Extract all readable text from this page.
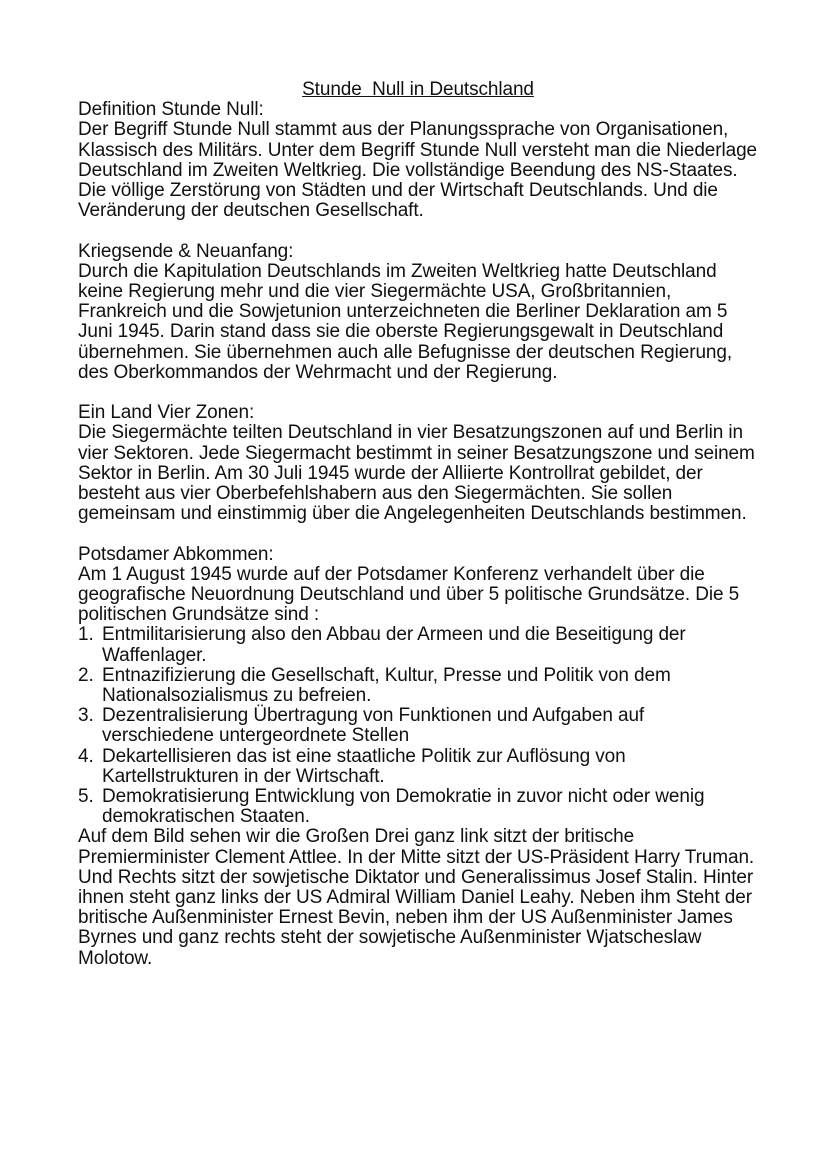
Stunde  Null in Deutschland

Definition Stunde Null:

Der Begriff Stunde Null stammt aus der Planungssprache von Organisationen, Klassisch des Militärs. Unter dem Begriff Stunde Null versteht man die Niederlage Deutschland im Zweiten Weltkrieg. Die vollständige Beendung des NS-Staates. Die völlige Zerstörung von Städten und der Wirtschaft Deutschlands. Und die Veränderung der deutschen Gesellschaft.

Kriegsende & Neuanfang:

Durch die Kapitulation Deutschlands im Zweiten Weltkrieg hatte Deutschland keine Regierung mehr und die vier Siegermächte USA, Großbritannien, Frankreich und die Sowjetunion unterzeichneten die Berliner Deklaration am 5 Juni 1945. Darin stand dass sie die oberste Regierungsgewalt in Deutschland übernehmen. Sie übernehmen auch alle Befugnisse der deutschen Regierung, des Oberkommandos der Wehrmacht und der Regierung.

Ein Land Vier Zonen:

Die Siegermächte teilten Deutschland in vier Besatzungszonen auf und Berlin in vier Sektoren. Jede Siegermacht bestimmt in seiner Besatzungszone und seinem Sektor in Berlin. Am 30 Juli 1945 wurde der Alliierte Kontrollrat gebildet, der besteht aus vier Oberbefehlshabern aus den Siegermächten. Sie sollen gemeinsam und einstimmig über die Angelegenheiten Deutschlands bestimmen.

Potsdamer Abkommen:

Am 1 August 1945 wurde auf der Potsdamer Konferenz verhandelt über die geografische Neuordnung Deutschland und über 5 politische Grundsätze. Die 5 politischen Grundsätze sind :

1. Entmilitarisierung also den Abbau der Armeen und die Beseitigung der Waffenlager.
2. Entnazifizierung die Gesellschaft, Kultur, Presse und Politik von dem Nationalsozialismus zu befreien.
3. Dezentralisierung Übertragung von Funktionen und Aufgaben auf verschiedene untergeordnete Stellen
4. Dekartellisieren das ist eine staatliche Politik zur Auflösung von Kartellstrukturen in der Wirtschaft.
5. Demokratisierung Entwicklung von Demokratie in zuvor nicht oder wenig demokratischen Staaten.

Auf dem Bild sehen wir die Großen Drei ganz link sitzt der britische Premierminister Clement Attlee. In der Mitte sitzt der US-Präsident Harry Truman. Und Rechts sitzt der sowjetische Diktator und Generalissimus Josef Stalin. Hinter ihnen steht ganz links der US Admiral William Daniel Leahy. Neben ihm Steht der britische Außenminister Ernest Bevin, neben ihm der US Außenminister James Byrnes und ganz rechts steht der sowjetische Außenminister Wjatscheslaw Molotow.
